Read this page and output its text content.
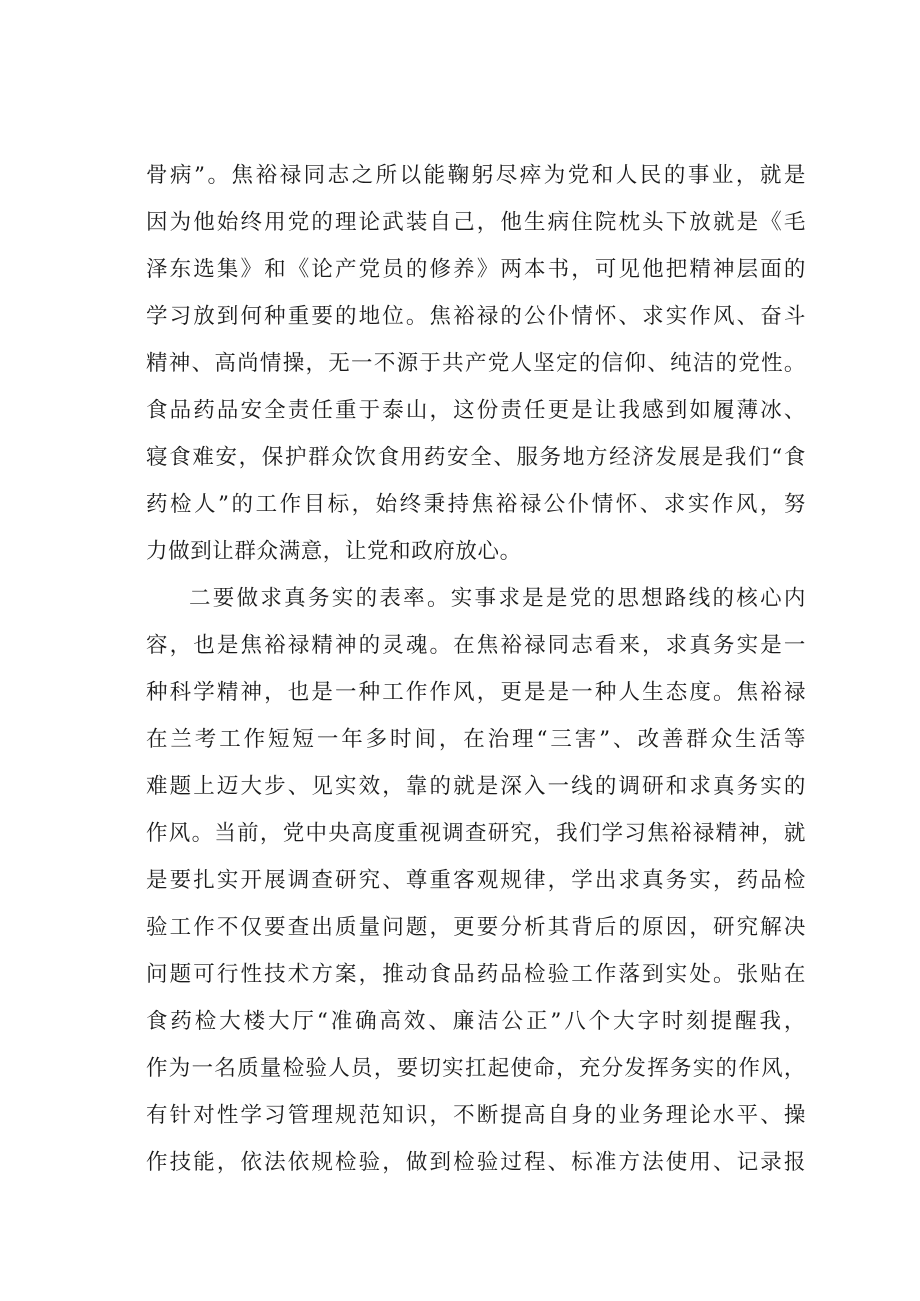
骨病”。焦裕禄同志之所以能鞠躬尽瘁为党和人民的事业，就是
因为他始终用党的理论武装自己，他生病住院枕头下放就是《毛
泽东选集》和《论产党员的修养》两本书，可见他把精神层面的
学习放到何种重要的地位。焦裕禄的公仆情怀、求实作风、奋斗
精神、高尚情操，无一不源于共产党人坚定的信仰、纯洁的党性。
食品药品安全责任重于泰山，这份责任更是让我感到如履薄冰、
寝食难安，保护群众饮食用药安全、服务地方经济发展是我们“食
药检人”的工作目标，始终秉持焦裕禄公仆情怀、求实作风，努
力做到让群众满意，让党和政府放心。
二要做求真务实的表率。实事求是是党的思想路线的核心内
容，也是焦裕禄精神的灵魂。在焦裕禄同志看来，求真务实是一
种科学精神，也是一种工作作风，更是是一种人生态度。焦裕禄
在兰考工作短短一年多时间，在治理“三害”、改善群众生活等
难题上迈大步、见实效，靠的就是深入一线的调研和求真务实的
作风。当前，党中央高度重视调查研究，我们学习焦裕禄精神，就
是要扎实开展调查研究、尊重客观规律，学出求真务实，药品检
验工作不仅要查出质量问题，更要分析其背后的原因，研究解决
问题可行性技术方案，推动食品药品检验工作落到实处。张贴在
食药检大楼大厅“准确高效、廉洁公正”八个大字时刻提醒我，
作为一名质量检验人员，要切实扛起使命，充分发挥务实的作风，
有针对性学习管理规范知识，不断提高自身的业务理论水平、操
作技能，依法依规检验，做到检验过程、标准方法使用、记录报
